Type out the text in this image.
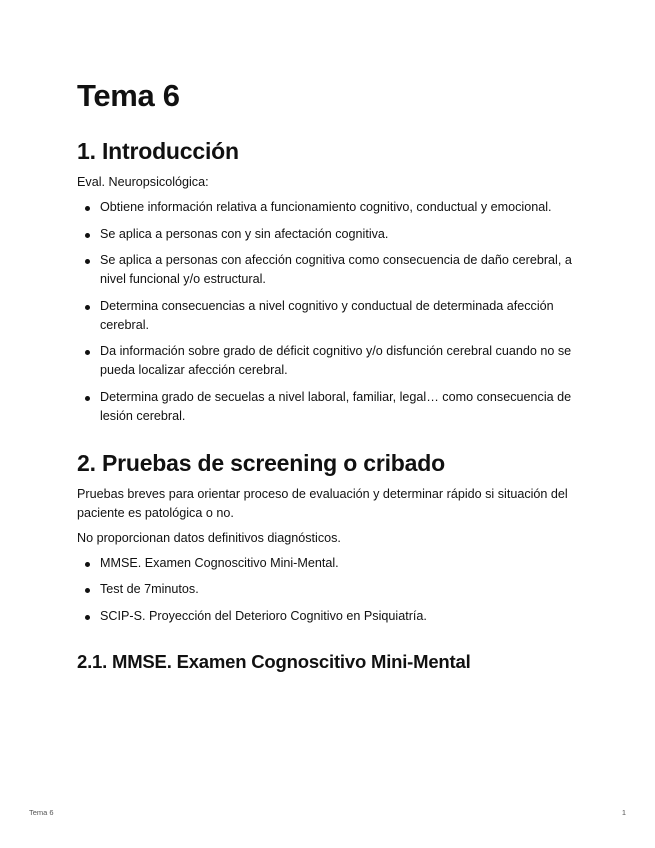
Tema 6
1. Introducción

Eval. Neuropsicológica:

Obtiene información relativa a funcionamiento cognitivo, conductual y emocional.
Se aplica a personas con y sin afectación cognitiva.
Se aplica a personas con afección cognitiva como consecuencia de daño cerebral, a nivel funcional y/o estructural.
Determina consecuencias a nivel cognitivo y conductual de determinada afección cerebral.
Da información sobre grado de déficit cognitivo y/o disfunción cerebral cuando no se pueda localizar afección cerebral.
Determina grado de secuelas a nivel laboral, familiar, legal… como consecuencia de lesión cerebral.
2. Pruebas de screening o cribado

Pruebas breves para orientar proceso de evaluación y determinar rápido si situación del paciente es patológica o no.

No proporcionan datos definitivos diagnósticos.

MMSE. Examen Cognoscitivo Mini-Mental.
Test de 7minutos.
SCIP-S. Proyección del Deterioro Cognitivo en Psiquiatría.
2.1. MMSE. Examen Cognoscitivo Mini-Mental
Tema 6	1
